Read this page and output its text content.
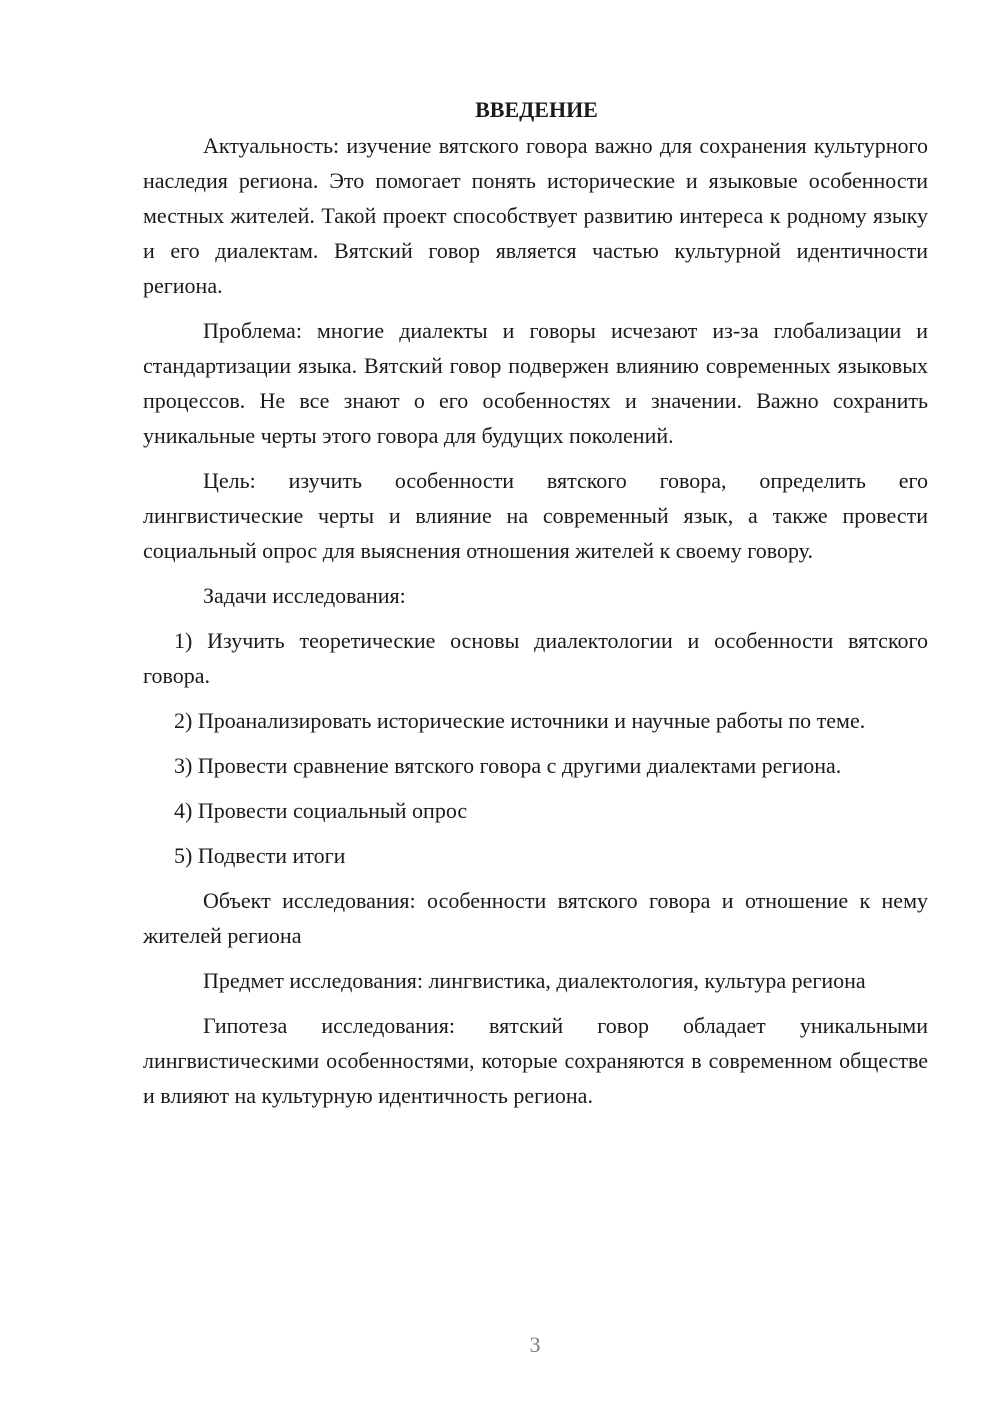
ВВЕДЕНИЕ

Актуальность: изучение вятского говора важно для сохранения культурного наследия региона. Это помогает понять исторические и языковые особенности местных жителей. Такой проект способствует развитию интереса к родному языку и его диалектам. Вятский говор является частью культурной идентичности региона.

Проблема: многие диалекты и говоры исчезают из-за глобализации и стандартизации языка. Вятский говор подвержен влиянию современных языковых процессов. Не все знают о его особенностях и значении. Важно сохранить уникальные черты этого говора для будущих поколений.

Цель: изучить особенности вятского говора, определить его лингвистические черты и влияние на современный язык, а также провести социальный опрос для выяснения отношения жителей к своему говору.

Задачи исследования:

1) Изучить теоретические основы диалектологии и особенности вятского говора.

2) Проанализировать исторические источники и научные работы по теме.

3) Провести сравнение вятского говора с другими диалектами региона.

4) Провести социальный опрос

5) Подвести итоги

Объект исследования: особенности вятского говора и отношение к нему жителей региона

Предмет исследования: лингвистика, диалектология, культура региона

Гипотеза исследования: вятский говор обладает уникальными лингвистическими особенностями, которые сохраняются в современном обществе и влияют на культурную идентичность региона.

3
